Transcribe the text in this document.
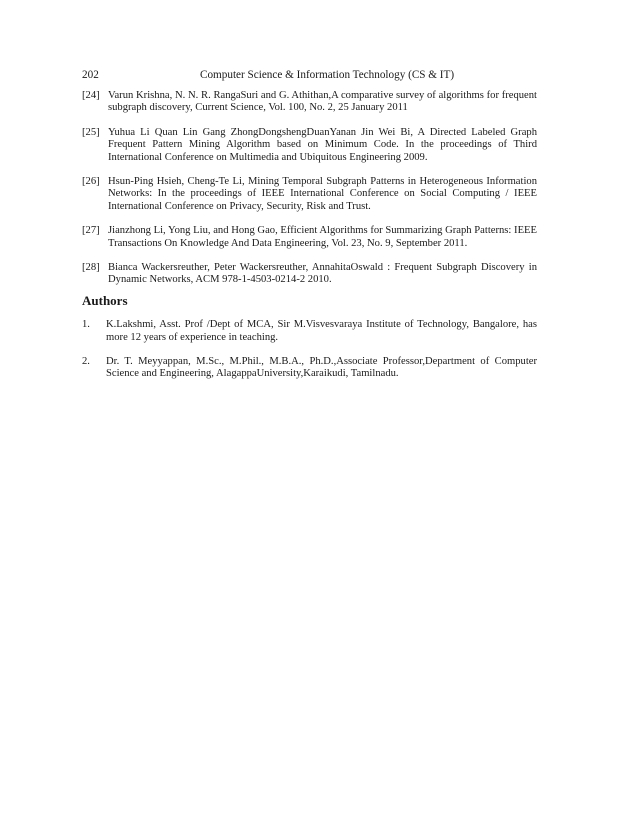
202	Computer Science & Information Technology (CS & IT)
[24] Varun Krishna, N. N. R. RangaSuri and G. Athithan,A comparative survey of algorithms for frequent subgraph discovery, Current Science, Vol. 100, No. 2, 25 January 2011
[25] Yuhua Li Quan Lin Gang ZhongDongshengDuanYanan Jin Wei Bi, A Directed Labeled Graph Frequent Pattern Mining Algorithm based on Minimum Code. In the proceedings of Third International Conference on Multimedia and Ubiquitous Engineering 2009.
[26] Hsun-Ping Hsieh, Cheng-Te Li, Mining Temporal Subgraph Patterns in Heterogeneous Information Networks: In the proceedings of IEEE International Conference on Social Computing / IEEE International Conference on Privacy, Security, Risk and Trust.
[27] Jianzhong Li, Yong Liu, and Hong Gao, Efficient Algorithms for Summarizing Graph Patterns: IEEE Transactions On Knowledge And Data Engineering, Vol. 23, No. 9, September 2011.
[28] Bianca Wackersreuther, Peter Wackersreuther, AnnahitaOswald : Frequent Subgraph Discovery in Dynamic Networks, ACM 978-1-4503-0214-2 2010.
Authors
1. K.Lakshmi, Asst. Prof /Dept of MCA, Sir M.Visvesvaraya Institute of Technology, Bangalore, has more 12 years of experience in teaching.
2. Dr. T. Meyyappan, M.Sc., M.Phil., M.B.A., Ph.D.,Associate Professor,Department of Computer Science and Engineering, AlagappaUniversity,Karaikudi, Tamilnadu.
